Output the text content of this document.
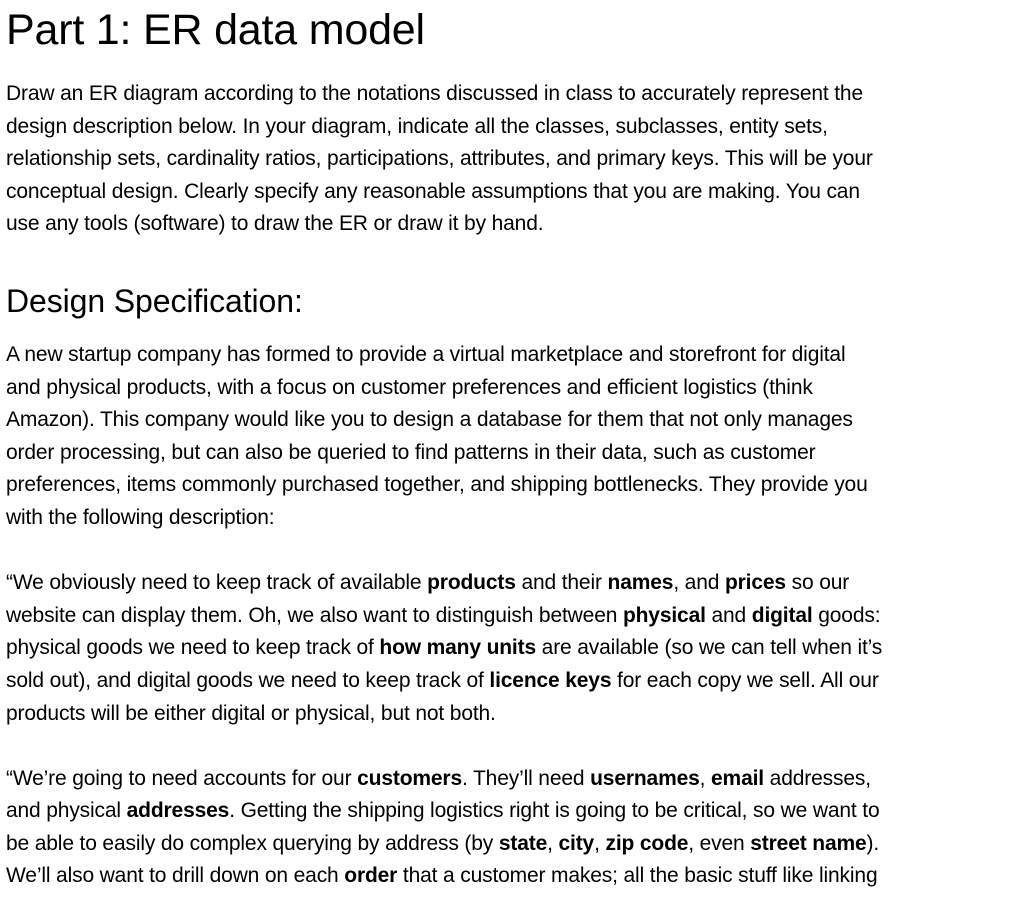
Part 1: ER data model

Draw an ER diagram according to the notations discussed in class to accurately represent the
design description below. In your diagram, indicate all the classes, subclasses, entity sets,
relationship sets, cardinality ratios, participations, attributes, and primary keys. This will be your
conceptual design. Clearly specify any reasonable assumptions that you are making. You can
use any tools (software) to draw the ER or draw it by hand.

Design Specification:

A new startup company has formed to provide a virtual marketplace and storefront for digital
and physical products, with a focus on customer preferences and efficient logistics (think
Amazon). This company would like you to design a database for them that not only manages
order processing, but can also be queried to find patterns in their data, such as customer
preferences, items commonly purchased together, and shipping bottlenecks. They provide you
with the following description:

“We obviously need to keep track of available products and their names, and prices so our
website can display them. Oh, we also want to distinguish between physical and digital goods:
physical goods we need to keep track of how many units are available (so we can tell when it’s
sold out), and digital goods we need to keep track of licence keys for each copy we sell. All our
products will be either digital or physical, but not both.

“We’re going to need accounts for our customers. They’ll need usernames, email addresses,
and physical addresses. Getting the shipping logistics right is going to be critical, so we want to
be able to easily do complex querying by address (by state, city, zip code, even street name).
We’ll also want to drill down on each order that a customer makes; all the basic stuff like linking
